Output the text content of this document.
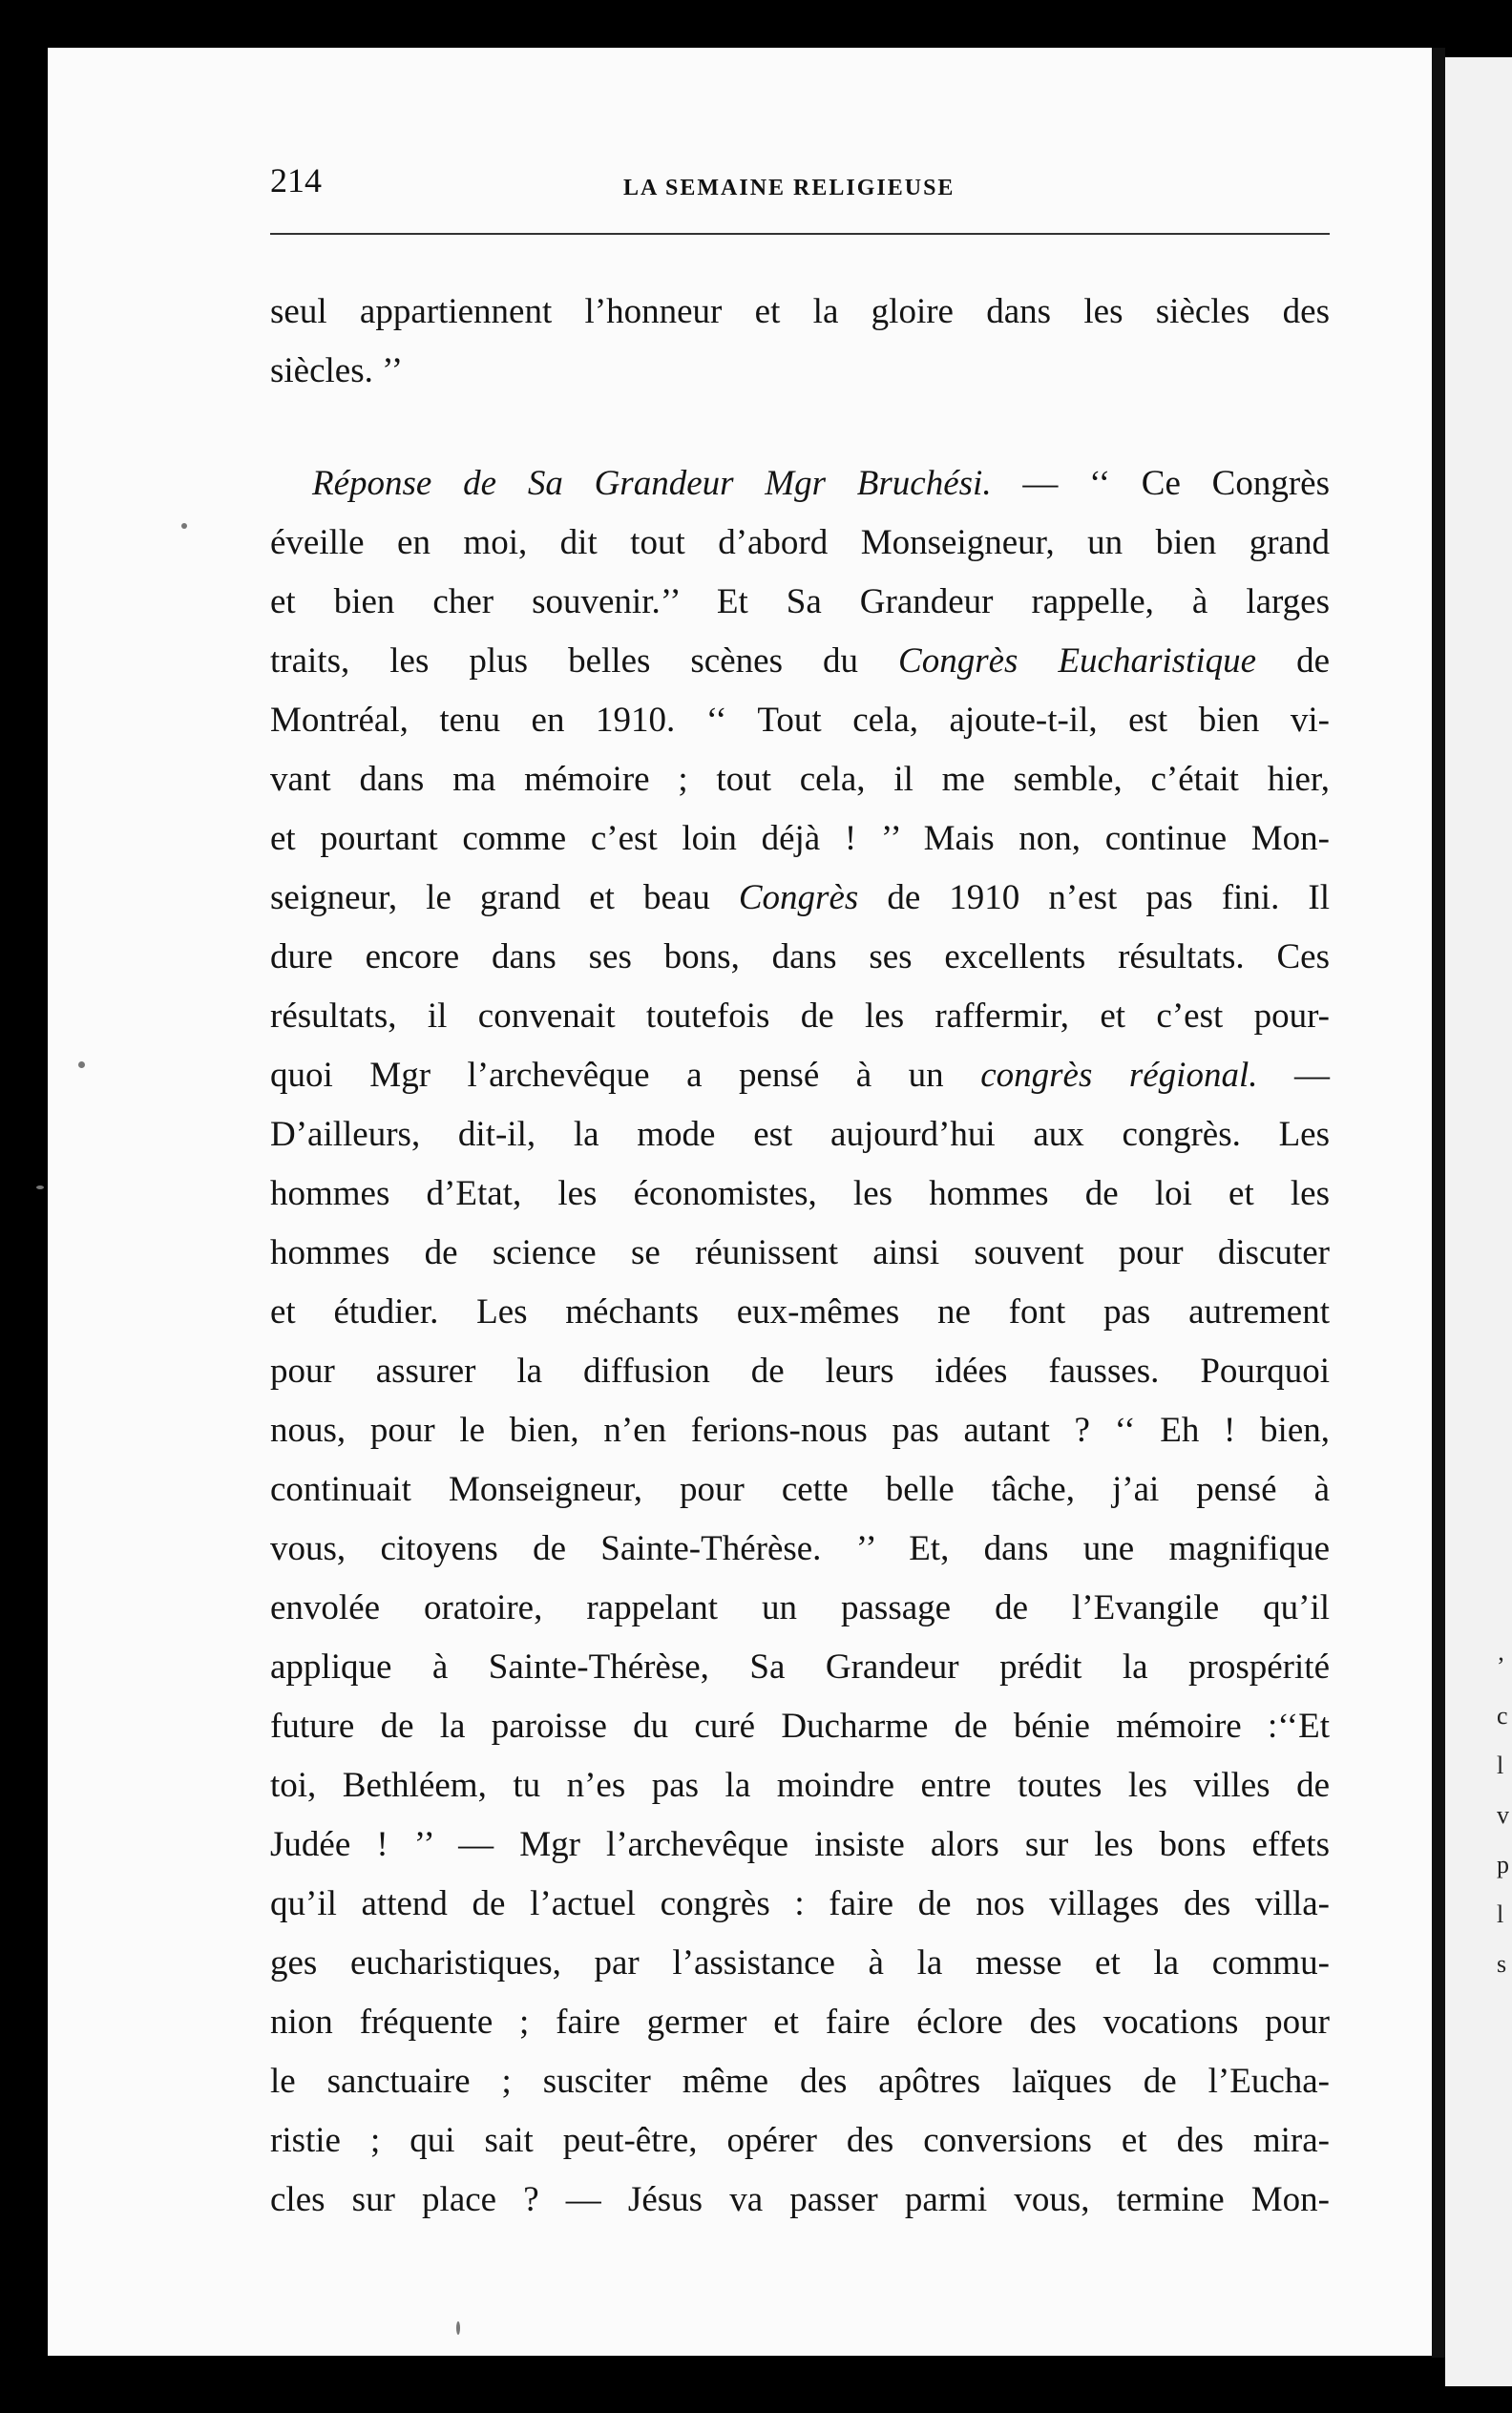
’ c l v p l s
214	LA SEMAINE RELIGIEUSE
seul appartiennent l’honneur et la gloire dans les siècles des
siècles. ’’
Réponse de Sa Grandeur Mgr Bruchési. — ‘‘ Ce Congrès
éveille en moi, dit tout d’abord Monseigneur, un bien grand
et bien cher souvenir.’’ Et Sa Grandeur rappelle, à larges
traits, les plus belles scènes du Congrès Eucharistique de
Montréal, tenu en 1910. ‘‘ Tout cela, ajoute-t-il, est bien vi-
vant dans ma mémoire ; tout cela, il me semble, c’était hier,
et pourtant comme c’est loin déjà ! ’’ Mais non, continue Mon-
seigneur, le grand et beau Congrès de 1910 n’est pas fini. Il
dure encore dans ses bons, dans ses excellents résultats. Ces
résultats, il convenait toutefois de les raffermir, et c’est pour-
quoi Mgr l’archevêque a pensé à un congrès régional. —
D’ailleurs, dit-il, la mode est aujourd’hui aux congrès. Les
hommes d’Etat, les économistes, les hommes de loi et les
hommes de science se réunissent ainsi souvent pour discuter
et étudier. Les méchants eux-mêmes ne font pas autrement
pour assurer la diffusion de leurs idées fausses. Pourquoi
nous, pour le bien, n’en ferions-nous pas autant ? ‘‘ Eh ! bien,
continuait Monseigneur, pour cette belle tâche, j’ai pensé à
vous, citoyens de Sainte-Thérèse. ’’ Et, dans une magnifique
envolée oratoire, rappelant un passage de l’Evangile qu’il
applique à Sainte-Thérèse, Sa Grandeur prédit la prospérité
future de la paroisse du curé Ducharme de bénie mémoire :‘‘Et
toi, Bethléem, tu n’es pas la moindre entre toutes les villes de
Judée ! ’’ — Mgr l’archevêque insiste alors sur les bons effets
qu’il attend de l’actuel congrès : faire de nos villages des villa-
ges eucharistiques, par l’assistance à la messe et la commu-
nion fréquente ; faire germer et faire éclore des vocations pour
le sanctuaire ; susciter même des apôtres laïques de l’Eucha-
ristie ; qui sait peut-être, opérer des conversions et des mira-
cles sur place ? — Jésus va passer parmi vous, termine Mon-
